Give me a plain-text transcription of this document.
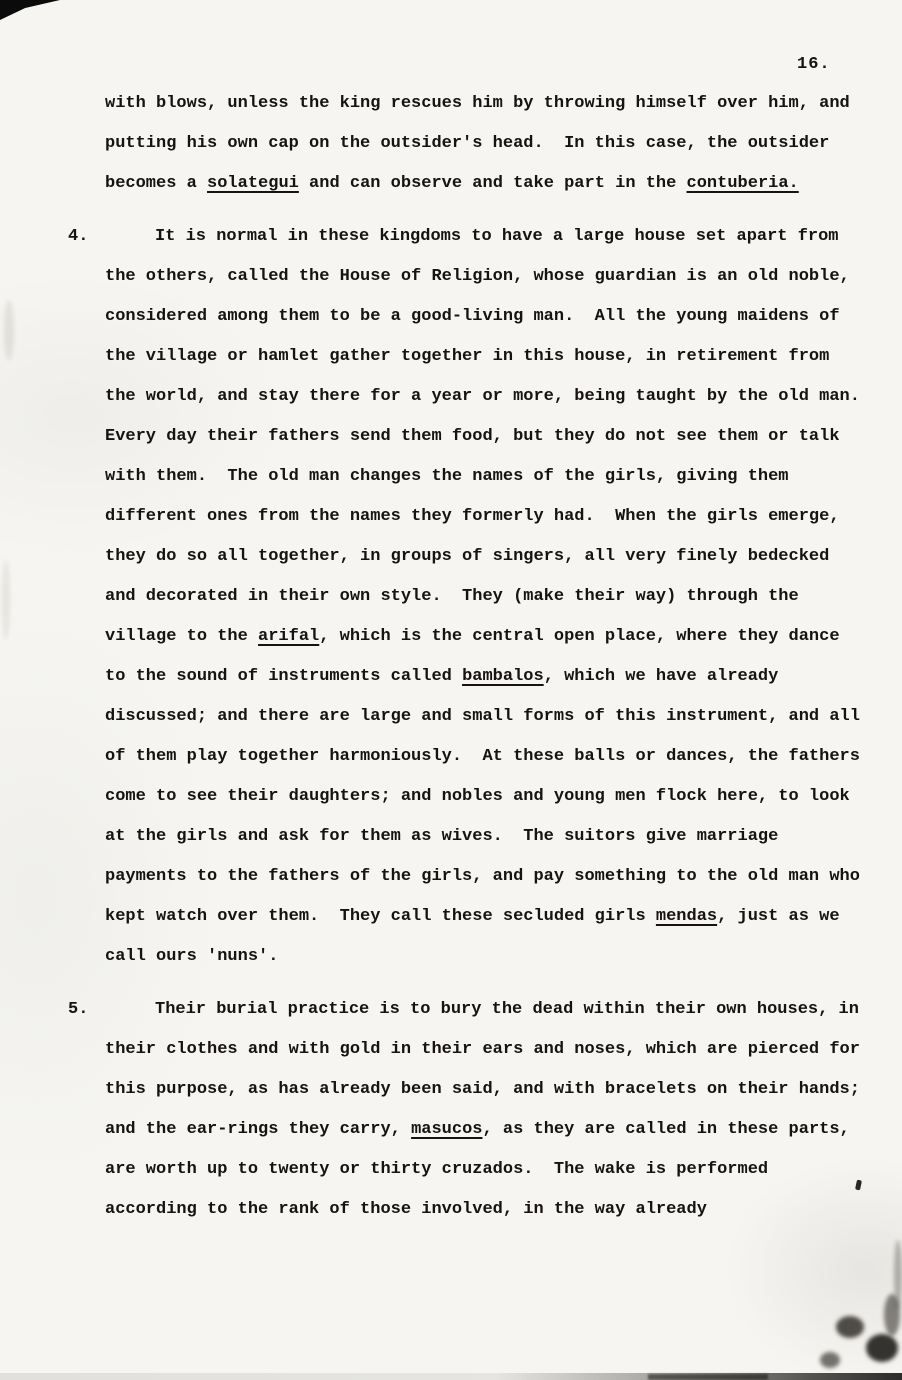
16.
with blows, unless the king rescues him by throwing himself over him, and putting his own cap on the outsider's head.  In this case, the outsider becomes a solategui and can observe and take part in the contuberia.
4.	It is normal in these kingdoms to have a large house set apart from the others, called the House of Religion, whose guardian is an old noble, considered among them to be a good-living man.  All the young maidens of the village or hamlet gather together in this house, in retirement from the world, and stay there for a year or more, being taught by the old man.  Every day their fathers send them food, but they do not see them or talk with them.  The old man changes the names of the girls, giving them different ones from the names they formerly had.  When the girls emerge, they do so all together, in groups of singers, all very finely bedecked and decorated in their own style.  They (make their way) through the village to the arifal, which is the central open place, where they dance to the sound of instruments called bambalos, which we have already discussed; and there are large and small forms of this instrument, and all of them play together harmoniously.  At these balls or dances, the fathers come to see their daughters; and nobles and young men flock here, to look at the girls and ask for them as wives.  The suitors give marriage payments to the fathers of the girls, and pay something to the old man who kept watch over them.  They call these secluded girls mendas, just as we call ours 'nuns'.
5.	Their burial practice is to bury the dead within their own houses, in their clothes and with gold in their ears and noses, which are pierced for this purpose, as has already been said, and with bracelets on their hands;  and the ear-rings they carry, masucos, as they are called in these parts, are worth up to twenty or thirty cruzados.  The wake is performed according to the rank of those involved, in the way already
